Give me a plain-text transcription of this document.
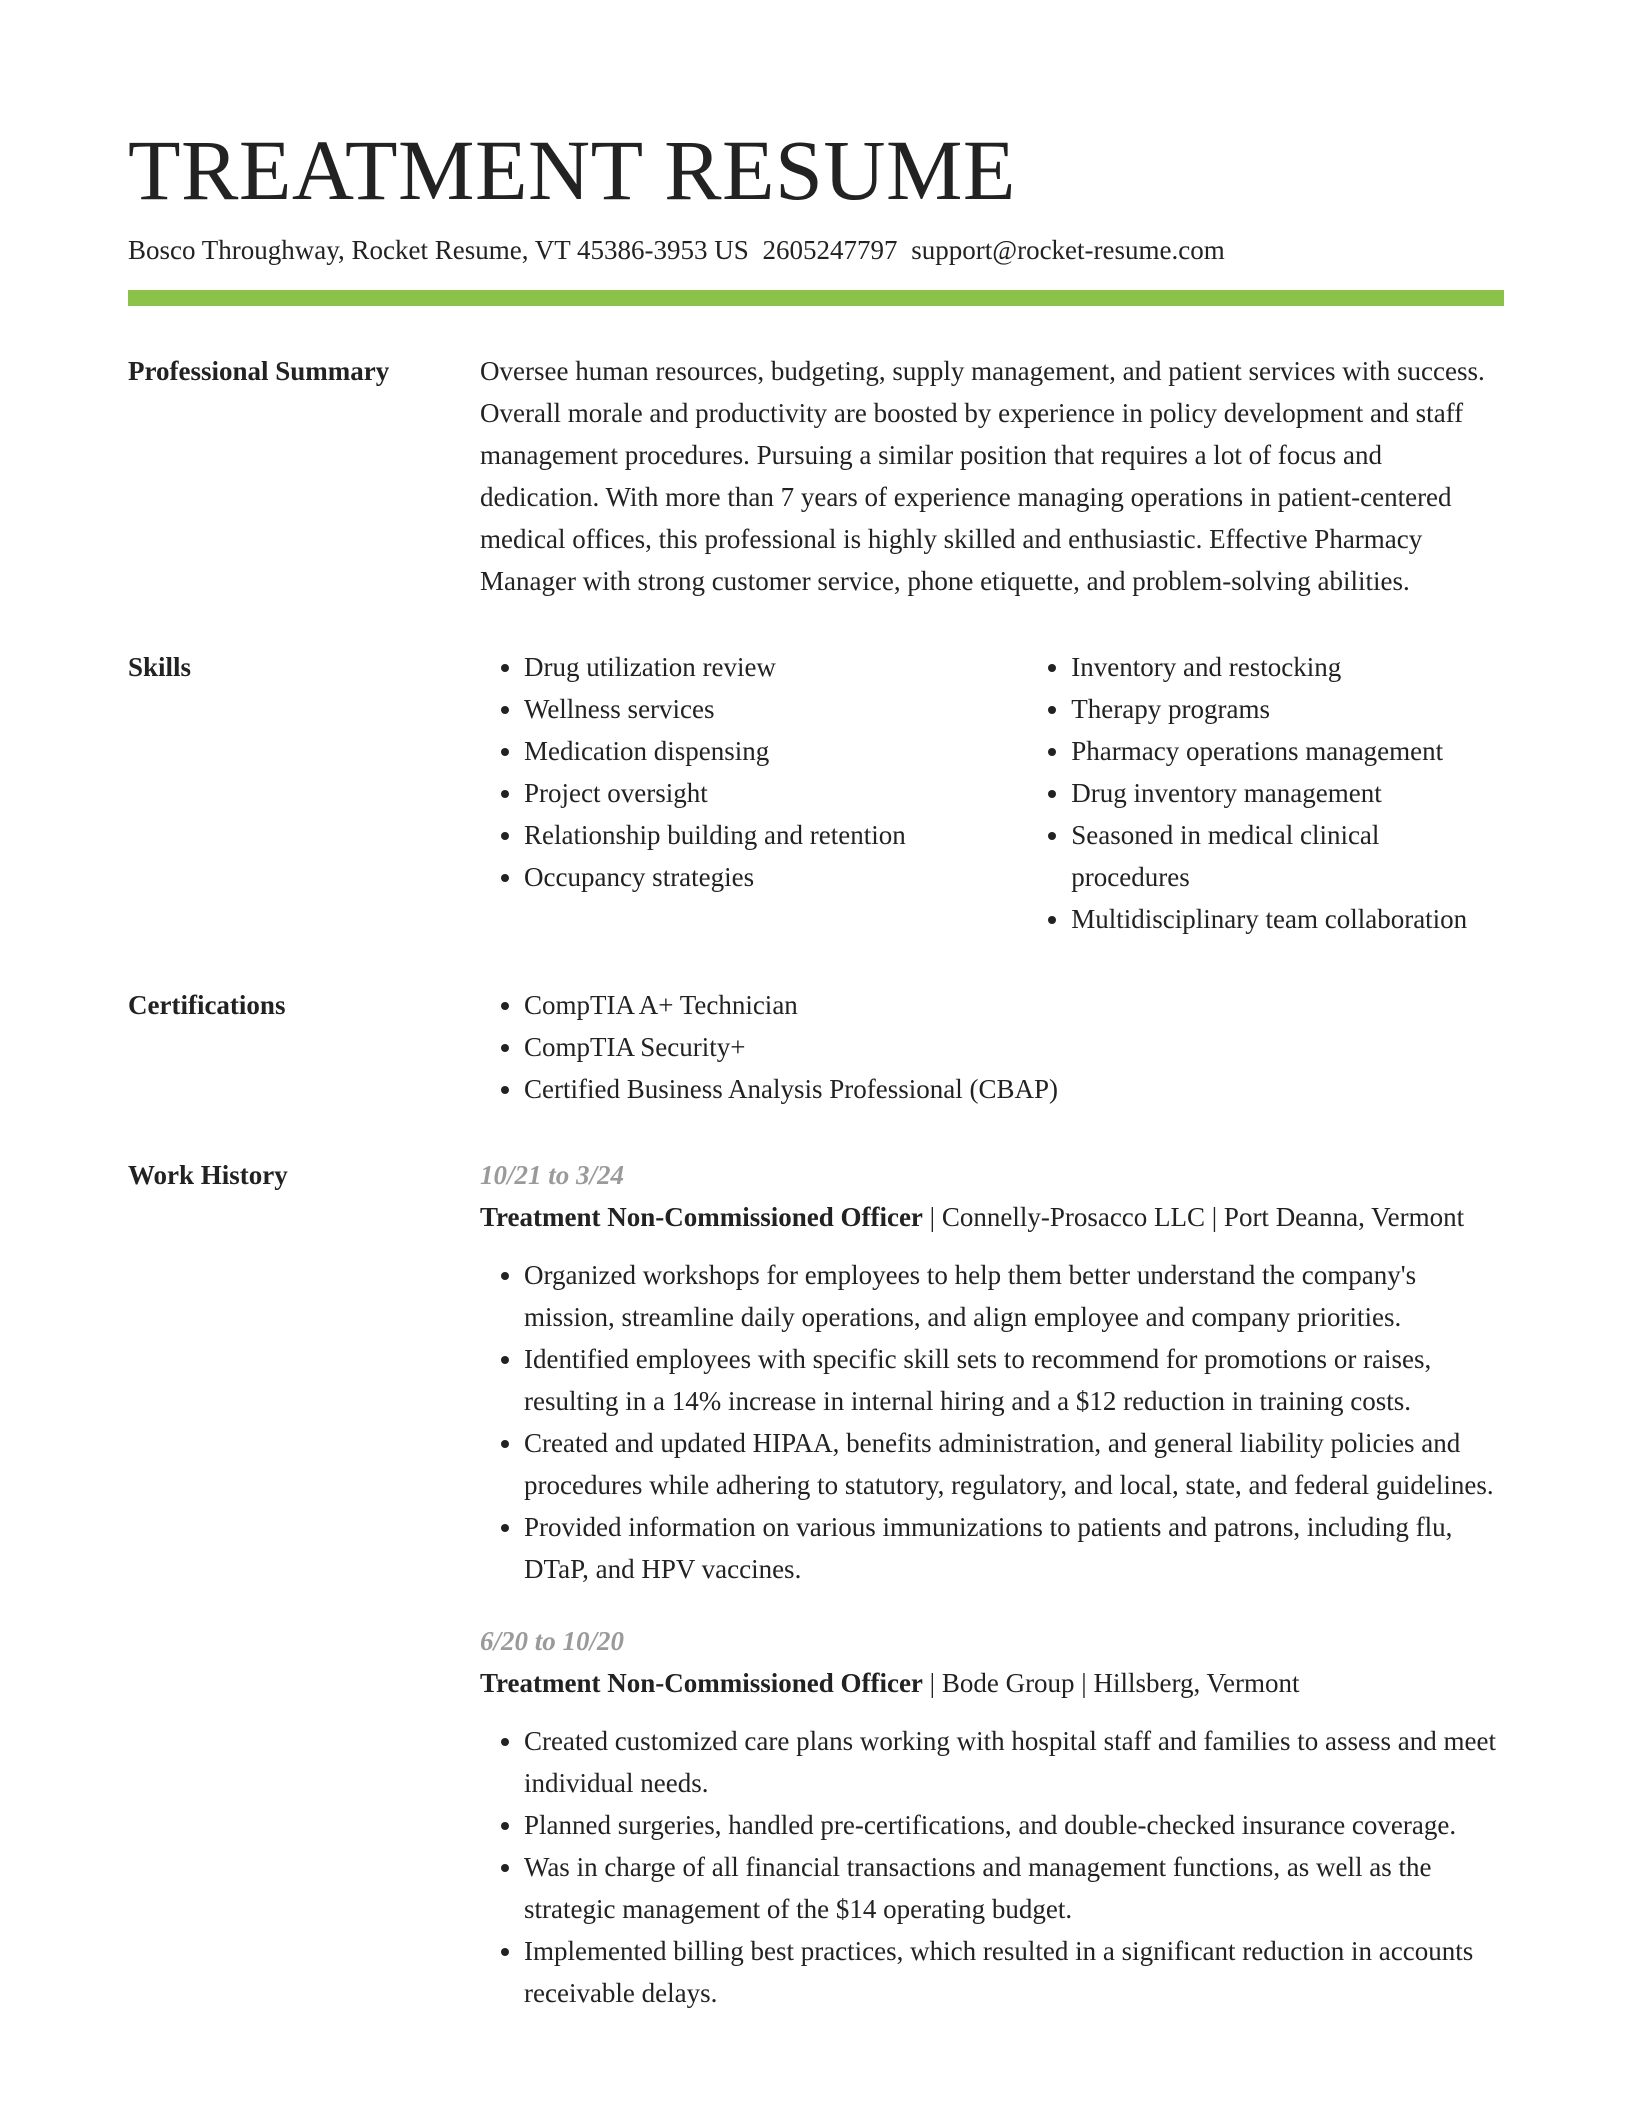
TREATMENT RESUME
Bosco Throughway, Rocket Resume, VT 45386-3953 US 2605247797 support@rocket-resume.com
Professional Summary	Oversee human resources, budgeting, supply management, and patient services with success. Overall morale and productivity are boosted by experience in policy development and staff management procedures. Pursuing a similar position that requires a lot of focus and dedication. With more than 7 years of experience managing operations in patient-centered medical offices, this professional is highly skilled and enthusiastic. Effective Pharmacy Manager with strong customer service, phone etiquette, and problem-solving abilities.

Skills	• Drug utilization review
• Wellness services
• Medication dispensing
• Project oversight
• Relationship building and retention
• Occupancy strategies
• Inventory and restocking
• Therapy programs
• Pharmacy operations management
• Drug inventory management
• Seasoned in medical clinical procedures
• Multidisciplinary team collaboration
Certifications	• CompTIA A+ Technician
• CompTIA Security+
• Certified Business Analysis Professional (CBAP)
Work History	10/21 to 3/24
Treatment Non-Commissioned Officer | Connelly-Prosacco LLC | Port Deanna, Vermont
• Organized workshops for employees to help them better understand the company's mission, streamline daily operations, and align employee and company priorities.
• Identified employees with specific skill sets to recommend for promotions or raises, resulting in a 14% increase in internal hiring and a $12 reduction in training costs.
• Created and updated HIPAA, benefits administration, and general liability policies and procedures while adhering to statutory, regulatory, and local, state, and federal guidelines.
• Provided information on various immunizations to patients and patrons, including flu, DTaP, and HPV vaccines.
6/20 to 10/20
Treatment Non-Commissioned Officer | Bode Group | Hillsberg, Vermont
• Created customized care plans working with hospital staff and families to assess and meet individual needs.
• Planned surgeries, handled pre-certifications, and double-checked insurance coverage.
• Was in charge of all financial transactions and management functions, as well as the strategic management of the $14 operating budget.
• Implemented billing best practices, which resulted in a significant reduction in accounts receivable delays.
